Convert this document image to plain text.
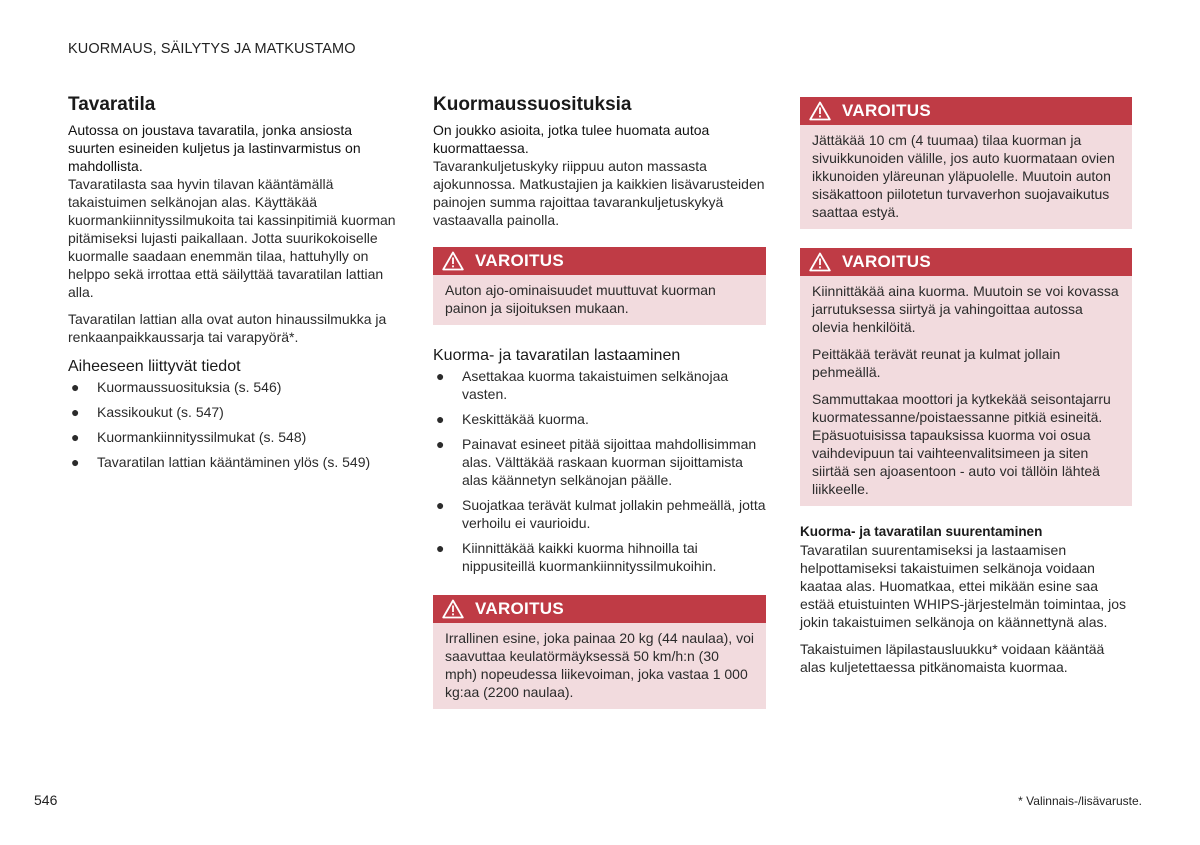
KUORMAUS, SÄILYTYS JA MATKUSTAMO
Tavaratila

Autossa on joustava tavaratila, jonka ansiosta suurten esineiden kuljetus ja lastinvarmistus on mahdollista.

Tavaratilasta saa hyvin tilavan kääntämällä takaistuimen selkänojan alas. Käyttäkää kuormankiinnityssilmukoita tai kassinpitimiä kuorman pitämiseksi lujasti paikallaan. Jotta suurikokoiselle kuormalle saadaan enemmän tilaa, hattuhylly on helppo sekä irrottaa että säilyttää tavaratilan lattian alla.

Tavaratilan lattian alla ovat auton hinaussilmukka ja renkaanpaikkaussarja tai varapyörä*.

Aiheeseen liittyvät tiedot
● Kuormaussuosituksia (s. 546)
● Kassikoukut (s. 547)
● Kuormankiinnityssilmukat (s. 548)
● Tavaratilan lattian kääntäminen ylös (s. 549)
Kuormaussuosituksia

On joukko asioita, jotka tulee huomata autoa kuormattaessa.

Tavarankuljetuskyky riippuu auton massasta ajokunnossa. Matkustajien ja kaikkien lisävarusteiden painojen summa rajoittaa tavarankuljetuskykyä vastaavalla painolla.

VAROITUS

Auton ajo-ominaisuudet muuttuvat kuorman painon ja sijoituksen mukaan.

Kuorma- ja tavaratilan lastaaminen
● Asettakaa kuorma takaistuimen selkänojaa vasten.
● Keskittäkää kuorma.
● Painavat esineet pitää sijoittaa mahdollisimman alas. Välttäkää raskaan kuorman sijoittamista alas käännetyn selkänojan päälle.
● Suojatkaa terävät kulmat jollakin pehmeällä, jotta verhoilu ei vaurioidu.
● Kiinnittäkää kaikki kuorma hihnoilla tai nippusiteillä kuormankiinnityssilmukoihin.
VAROITUS

Irrallinen esine, joka painaa 20 kg (44 naulaa), voi saavuttaa keulatörmäyksessä 50 km/h:n (30 mph) nopeudessa liikevoiman, joka vastaa 1 000 kg:aa (2200 naulaa).

VAROITUS

Jättäkää 10 cm (4 tuumaa) tilaa kuorman ja sivuikkunoiden välille, jos auto kuormataan ovien ikkunoiden yläreunan yläpuolelle. Muutoin auton sisäkattoon piilotetun turvaverhon suojavaikutus saattaa estyä.

VAROITUS

Kiinnittäkää aina kuorma. Muutoin se voi kovassa jarrutuksessa siirtyä ja vahingoittaa autossa olevia henkilöitä.

Peittäkää terävät reunat ja kulmat jollain pehmeällä.

Sammuttakaa moottori ja kytkekää seisontajarru kuormatessanne/poistaessanne pitkiä esineitä. Epäsuotuisissa tapauksissa kuorma voi osua vaihdevipuun tai vaihteenvalitsimeen ja siten siirtää sen ajoasentoon - auto voi tällöin lähteä liikkeelle.

Kuorma- ja tavaratilan suurentaminen

Tavaratilan suurentamiseksi ja lastaamisen helpottamiseksi takaistuimen selkänoja voidaan kaataa alas. Huomatkaa, ettei mikään esine saa estää etuistuinten WHIPS-järjestelmän toimintaa, jos jokin takaistuimen selkänoja on käännettynä alas.

Takaistuimen läpilastausluukku* voidaan kääntää alas kuljetettaessa pitkänomaista kuormaa.

546	* Valinnais-/lisävaruste.
